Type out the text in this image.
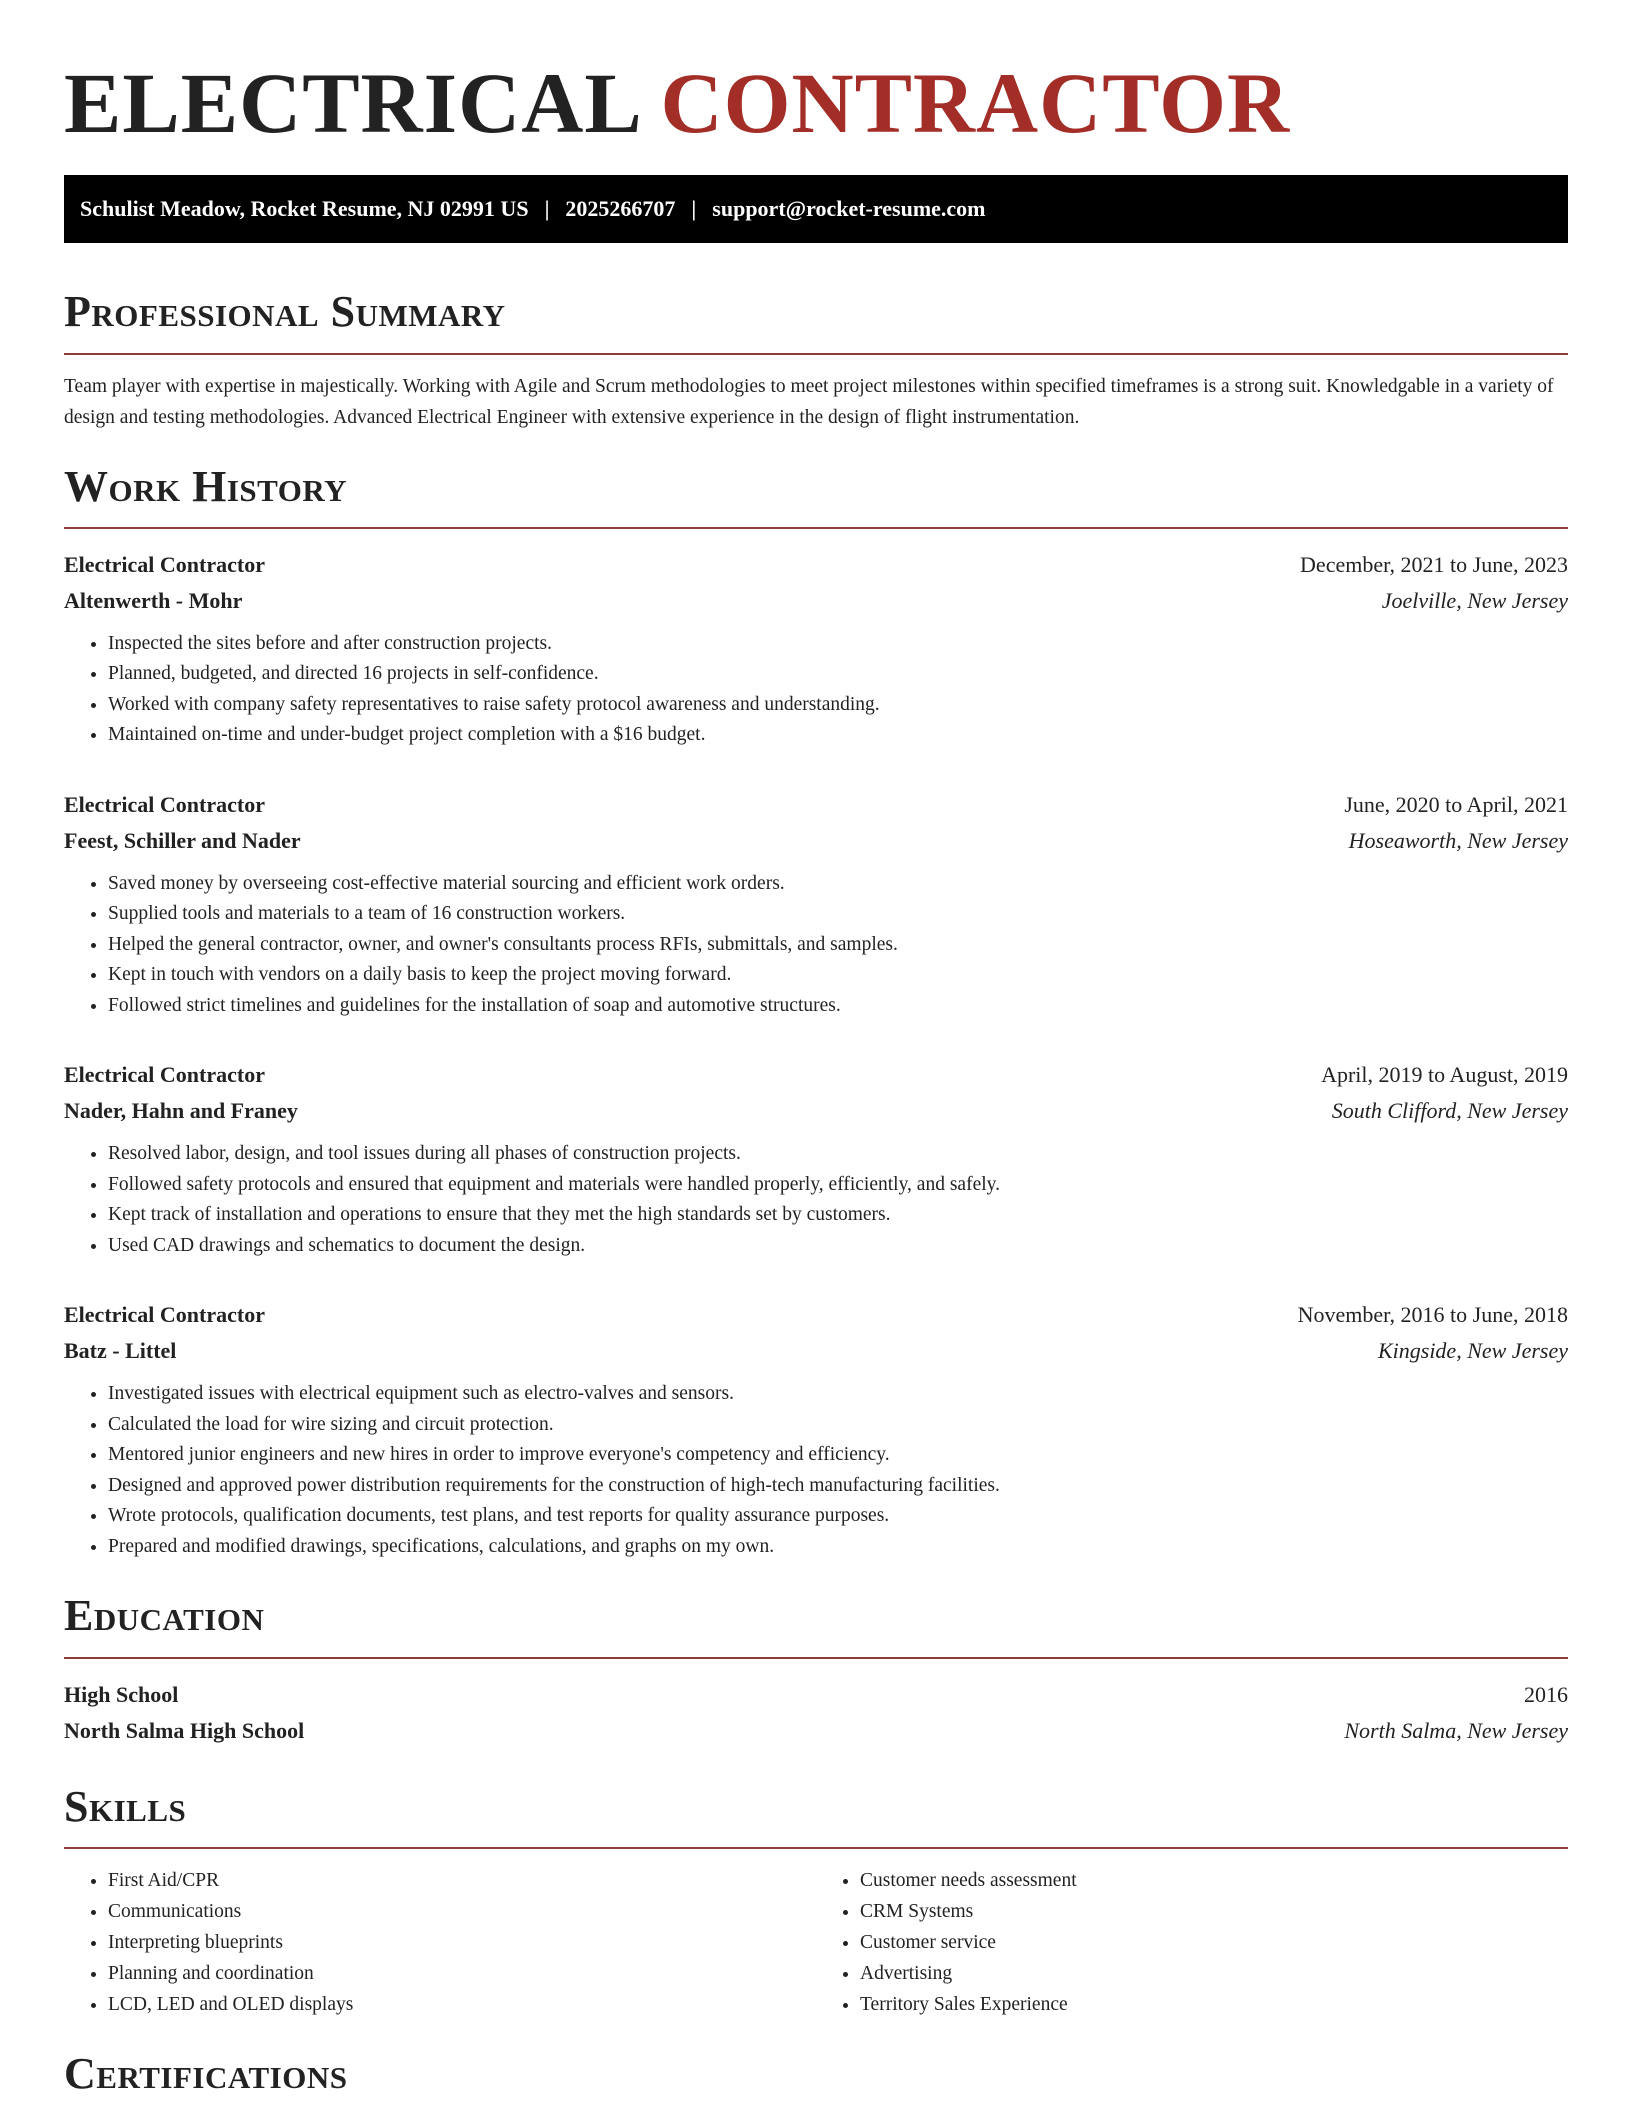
ELECTRICAL CONTRACTOR
Schulist Meadow, Rocket Resume, NJ 02991 US | 2025266707 | support@rocket-resume.com
Professional Summary

Team player with expertise in majestically. Working with Agile and Scrum methodologies to meet project milestones within specified timeframes is a strong suit. Knowledgable in a variety of design and testing methodologies. Advanced Electrical Engineer with extensive experience in the design of flight instrumentation.

Work History
Electrical Contractor	December, 2021 to June, 2023
Altenwerth - Mohr	Joelville, New Jersey
• Inspected the sites before and after construction projects.
• Planned, budgeted, and directed 16 projects in self-confidence.
• Worked with company safety representatives to raise safety protocol awareness and understanding.
• Maintained on-time and under-budget project completion with a $16 budget.
Electrical Contractor	June, 2020 to April, 2021
Feest, Schiller and Nader	Hoseaworth, New Jersey
• Saved money by overseeing cost-effective material sourcing and efficient work orders.
• Supplied tools and materials to a team of 16 construction workers.
• Helped the general contractor, owner, and owner's consultants process RFIs, submittals, and samples.
• Kept in touch with vendors on a daily basis to keep the project moving forward.
• Followed strict timelines and guidelines for the installation of soap and automotive structures.
Electrical Contractor	April, 2019 to August, 2019
Nader, Hahn and Franey	South Clifford, New Jersey
• Resolved labor, design, and tool issues during all phases of construction projects.
• Followed safety protocols and ensured that equipment and materials were handled properly, efficiently, and safely.
• Kept track of installation and operations to ensure that they met the high standards set by customers.
• Used CAD drawings and schematics to document the design.
Electrical Contractor	November, 2016 to June, 2018
Batz - Littel	Kingside, New Jersey
• Investigated issues with electrical equipment such as electro-valves and sensors.
• Calculated the load for wire sizing and circuit protection.
• Mentored junior engineers and new hires in order to improve everyone's competency and efficiency.
• Designed and approved power distribution requirements for the construction of high-tech manufacturing facilities.
• Wrote protocols, qualification documents, test plans, and test reports for quality assurance purposes.
• Prepared and modified drawings, specifications, calculations, and graphs on my own.
Education
High School	2016
North Salma High School	North Salma, New Jersey
Skills
• First Aid/CPR
• Communications
• Interpreting blueprints
• Planning and coordination
• LCD, LED and OLED displays
• Customer needs assessment
• CRM Systems
• Customer service
• Advertising
• Territory Sales Experience
Certifications
